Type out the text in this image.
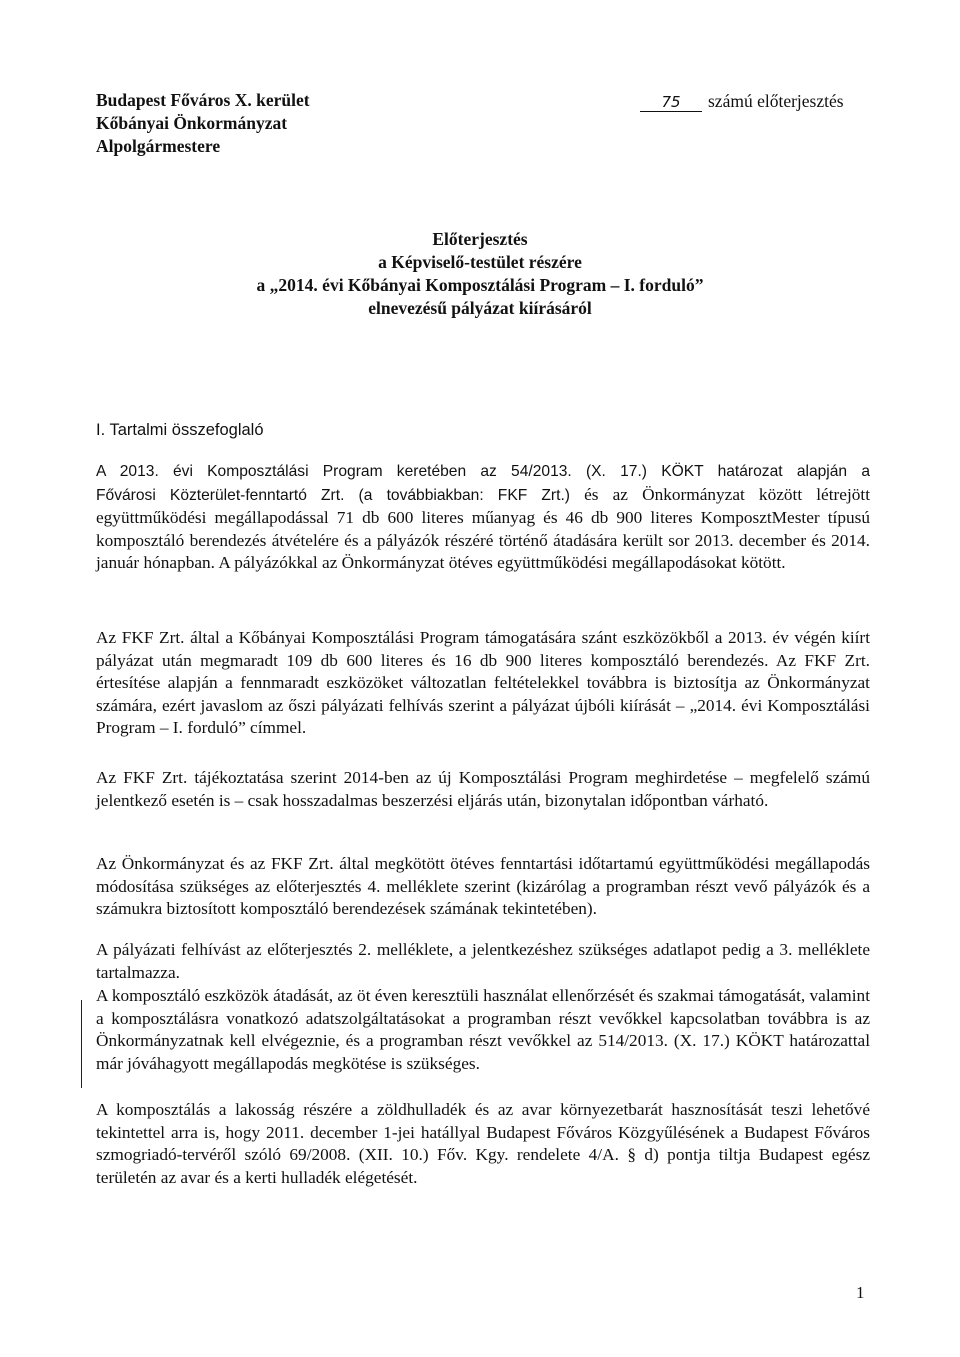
Budapest Főváros X. kerület
Kőbányai Önkormányzat
Alpolgármestere
75 számú előterjesztés
Előterjesztés
a Képviselő-testület részére
a „2014. évi Kőbányai Komposztálási Program – I. forduló”
elnevezésű pályázat kiírásáról
I. Tartalmi összefoglaló
A 2013. évi Komposztálási Program keretében az 54/2013. (X. 17.) KÖKT határozat alapján a
Fővárosi Közterület-fenntartó Zrt. (a továbbiakban: FKF Zrt.) és az Önkormányzat között létrejött együttműködési megállapodással 71 db 600 literes műanyag és 46 db 900 literes KomposztMester típusú komposztáló berendezés átvételére és a pályázók részéré történő átadására került sor 2013. december és 2014. január hónapban. A pályázókkal az Önkormányzat ötéves együttműködési megállapodásokat kötött.
Az FKF Zrt. által a Kőbányai Komposztálási Program támogatására szánt eszközökből a 2013. év végén kiírt pályázat után megmaradt 109 db 600 literes és 16 db 900 literes komposztáló berendezés. Az FKF Zrt. értesítése alapján a fennmaradt eszközöket változatlan feltételekkel továbbra is biztosítja az Önkormányzat számára, ezért javaslom az őszi pályázati felhívás szerint a pályázat újbóli kiírását – „2014. évi Komposztálási Program – I. forduló” címmel.
Az FKF Zrt. tájékoztatása szerint 2014-ben az új Komposztálási Program meghirdetése – megfelelő számú jelentkező esetén is – csak hosszadalmas beszerzési eljárás után, bizonytalan időpontban várható.
Az Önkormányzat és az FKF Zrt. által megkötött ötéves fenntartási időtartamú együttműködési megállapodás módosítása szükséges az előterjesztés 4. melléklete szerint (kizárólag a programban részt vevő pályázók és a számukra biztosított komposztáló berendezések számának tekintetében).
A pályázati felhívást az előterjesztés 2. melléklete, a jelentkezéshez szükséges adatlapot pedig a 3. melléklete tartalmazza.
A komposztáló eszközök átadását, az öt éven keresztüli használat ellenőrzését és szakmai támogatását, valamint a komposztálásra vonatkozó adatszolgáltatásokat a programban részt vevőkkel kapcsolatban továbbra is az Önkormányzatnak kell elvégeznie, és a programban részt vevőkkel az 514/2013. (X. 17.) KÖKT határozattal már jóváhagyott megállapodás megkötése is szükséges.
A komposztálás a lakosság részére a zöldhulladék és az avar környezetbarát hasznosítását teszi lehetővé tekintettel arra is, hogy 2011. december 1-jei hatállyal Budapest Főváros Közgyűlésének a Budapest Főváros szmogriadó-tervéről szóló 69/2008. (XII. 10.) Főv. Kgy. rendelete 4/A. § d) pontja tiltja Budapest egész területén az avar és a kerti hulladék elégetését.
1
